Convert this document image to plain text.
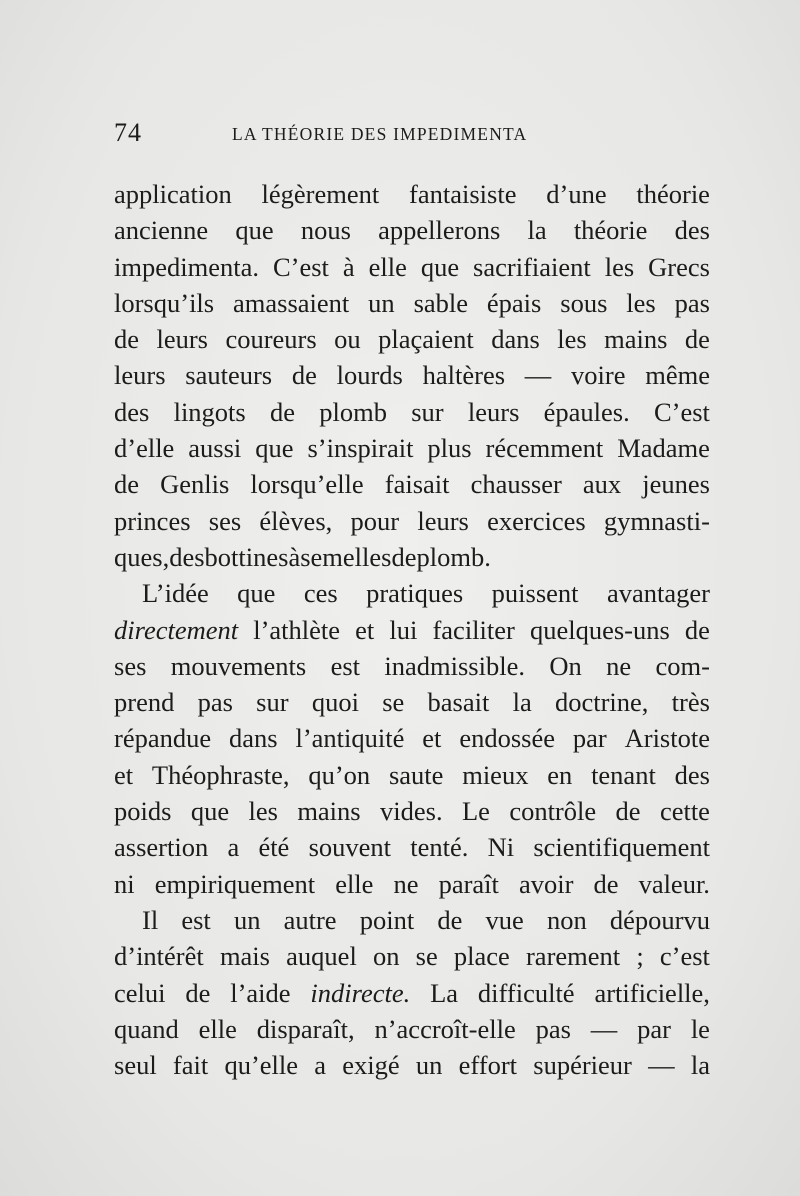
74	LA THÉORIE DES IMPEDIMENTA
application légèrement fantaisiste d’une théorie
ancienne que nous appellerons la théorie des
impedimenta. C’est à elle que sacrifiaient les Grecs
lorsqu’ils amassaient un sable épais sous les pas
de leurs coureurs ou plaçaient dans les mains de
leurs sauteurs de lourds haltères — voire même
des lingots de plomb sur leurs épaules. C’est
d’elle aussi que s’inspirait plus récemment Madame
de Genlis lorsqu’elle faisait chausser aux jeunes
princes ses élèves, pour leurs exercices gymnasti-
ques, des bottines à semelles de plomb.
L’idée que ces pratiques puissent avantager
directement l’athlète et lui faciliter quelques-uns de
ses mouvements est inadmissible. On ne com-
prend pas sur quoi se basait la doctrine, très
répandue dans l’antiquité et endossée par Aristote
et Théophraste, qu’on saute mieux en tenant des
poids que les mains vides. Le contrôle de cette
assertion a été souvent tenté. Ni scientifiquement
ni empiriquement elle ne paraît avoir de valeur.
Il est un autre point de vue non dépourvu
d’intérêt mais auquel on se place rarement ; c’est
celui de l’aide indirecte. La difficulté artificielle,
quand elle disparaît, n’accroît-elle pas — par le
seul fait qu’elle a exigé un effort supérieur — la
